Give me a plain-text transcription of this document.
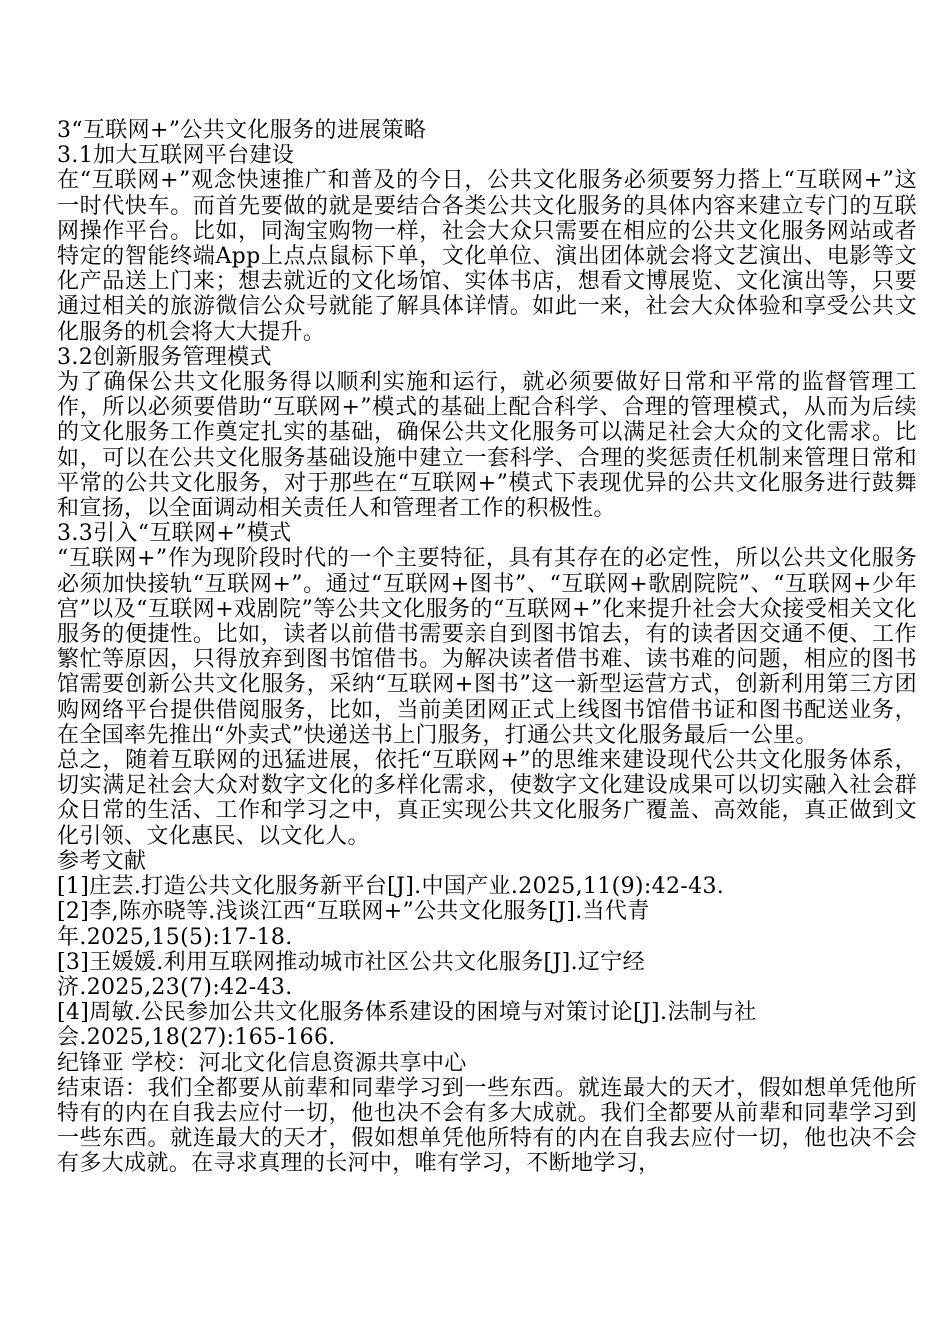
3“互联网+”公共文化服务的进展策略
3.1加大互联网平台建设

在“互联网+”观念快速推广和普及的今日，公共文化服务必须要努力搭上“互联网+”这一时代快车。而首先要做的就是要结合各类公共文化服务的具体内容来建立专门的互联网操作平台。比如，同淘宝购物一样，社会大众只需要在相应的公共文化服务网站或者特定的智能终端App上点点鼠标下单，文化单位、演出团体就会将文艺演出、电影等文化产品送上门来；想去就近的文化场馆、实体书店，想看文博展览、文化演出等，只要通过相关的旅游微信公众号就能了解具体详情。如此一来，社会大众体验和享受公共文化服务的机会将大大提升。

3.2创新服务管理模式

为了确保公共文化服务得以顺利实施和运行，就必须要做好日常和平常的监督管理工作，所以必须要借助“互联网+”模式的基础上配合科学、合理的管理模式，从而为后续的文化服务工作奠定扎实的基础，确保公共文化服务可以满足社会大众的文化需求。比如，可以在公共文化服务基础设施中建立一套科学、合理的奖惩责任机制来管理日常和平常的公共文化服务，对于那些在“互联网+”模式下表现优异的公共文化服务进行鼓舞和宣扬，以全面调动相关责任人和管理者工作的积极性。

3.3引入“互联网+”模式

“互联网+”作为现阶段时代的一个主要特征，具有其存在的必定性，所以公共文化服务必须加快接轨“互联网+”。通过“互联网+图书”、“互联网+歌剧院院”、“互联网+少年宫”以及“互联网+戏剧院”等公共文化服务的“互联网+”化来提升社会大众接受相关文化服务的便捷性。比如，读者以前借书需要亲自到图书馆去，有的读者因交通不便、工作繁忙等原因，只得放弃到图书馆借书。为解决读者借书难、读书难的问题，相应的图书馆需要创新公共文化服务，采纳“互联网+图书”这一新型运营方式，创新利用第三方团购网络平台提供借阅服务，比如，当前美团网正式上线图书馆借书证和图书配送业务，在全国率先推出“外卖式”快递送书上门服务，打通公共文化服务最后一公里。

总之，随着互联网的迅猛进展，依托“互联网+”的思维来建设现代公共文化服务体系，切实满足社会大众对数字文化的多样化需求，使数字文化建设成果可以切实融入社会群众日常的生活、工作和学习之中，真正实现公共文化服务广覆盖、高效能，真正做到文化引领、文化惠民、以文化人。

参考文献

[1]庄芸.打造公共文化服务新平台[J].中国产业.2025,11(9):42-43.

[2]李,陈亦晓等.浅谈江西“互联网+”公共文化服务[J].当代青

年.2025,15(5):17-18.

[3]王媛媛.利用互联网推动城市社区公共文化服务[J].辽宁经

济.2025,23(7):42-43.

[4]周敏.公民参加公共文化服务体系建设的困境与对策讨论[J].法制与社

会.2025,18(27):165-166.

纪锋亚 学校：河北文化信息资源共享中心

结束语：我们全都要从前辈和同辈学习到一些东西。就连最大的天才，假如想单凭他所特有的内在自我去应付一切，他也决不会有多大成就。我们全都要从前辈和同辈学习到一些东西。就连最大的天才，假如想单凭他所特有的内在自我去应付一切，他也决不会有多大成就。在寻求真理的长河中，唯有学习，不断地学习，
